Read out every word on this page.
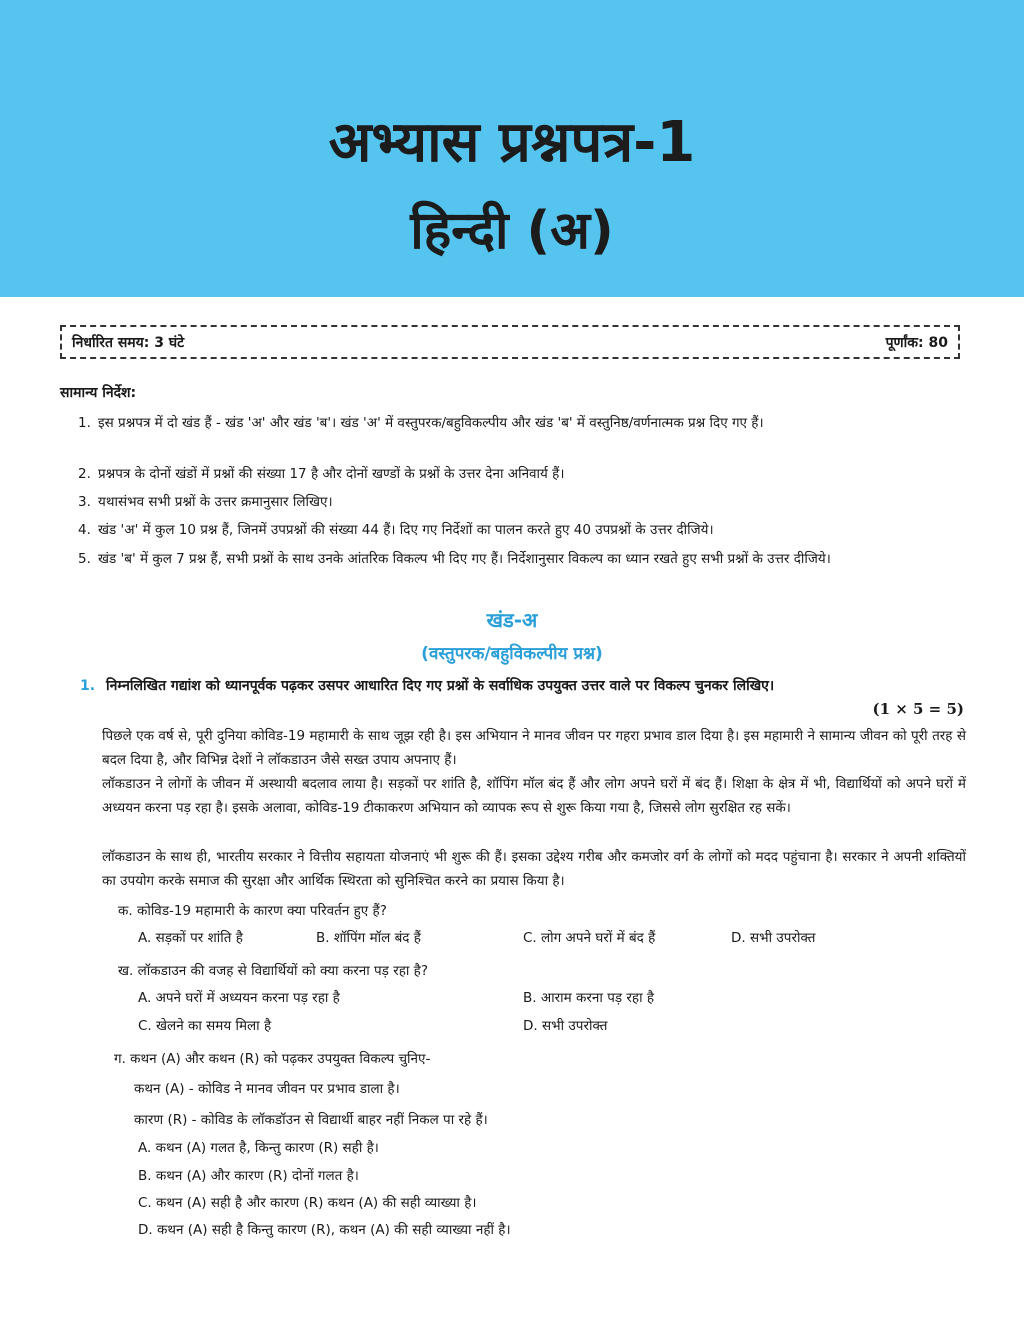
अभ्यास प्रश्नपत्र-1
हिन्दी (अ)
निर्धारित समय: 3 घंटे	पूर्णांक: 80
सामान्य निर्देश:
1. इस प्रश्नपत्र में दो खंड हैं - खंड 'अ' और खंड 'ब'। खंड 'अ' में वस्तुपरक/बहुविकल्पीय और खंड 'ब' में वस्तुनिष्ठ/वर्णनात्मक प्रश्न दिए गए हैं।
2. प्रश्नपत्र के दोनों खंडों में प्रश्नों की संख्या 17 है और दोनों खण्डों के प्रश्नों के उत्तर देना अनिवार्य हैं।
3. यथासंभव सभी प्रश्नों के उत्तर क्रमानुसार लिखिए।
4. खंड 'अ' में कुल 10 प्रश्न हैं, जिनमें उपप्रश्नों की संख्या 44 हैं। दिए गए निर्देशों का पालन करते हुए 40 उपप्रश्नों के उत्तर दीजिये।
5. खंड 'ब' में कुल 7 प्रश्न हैं, सभी प्रश्नों के साथ उनके आंतरिक विकल्प भी दिए गए हैं। निर्देशानुसार विकल्प का ध्यान रखते हुए सभी प्रश्नों के उत्तर दीजिये।
खंड-अ
(वस्तुपरक/बहुविकल्पीय प्रश्न)
1. निम्नलिखित गद्यांश को ध्यानपूर्वक पढ़कर उसपर आधारित दिए गए प्रश्नों के सर्वाधिक उपयुक्त उत्तर वाले पर विकल्प चुनकर लिखिए।
(1 × 5 = 5)
पिछले एक वर्ष से, पूरी दुनिया कोविड-19 महामारी के साथ जूझ रही है। इस अभियान ने मानव जीवन पर गहरा प्रभाव डाल दिया है। इस महामारी ने सामान्य जीवन को पूरी तरह से बदल दिया है, और विभिन्न देशों ने लॉकडाउन जैसे सख्त उपाय अपनाए हैं।
लॉकडाउन ने लोगों के जीवन में अस्थायी बदलाव लाया है। सड़कों पर शांति है, शॉपिंग मॉल बंद हैं और लोग अपने घरों में बंद हैं। शिक्षा के क्षेत्र में भी, विद्यार्थियों को अपने घरों में अध्ययन करना पड़ रहा है। इसके अलावा, कोविड-19 टीकाकरण अभियान को व्यापक रूप से शुरू किया गया है, जिससे लोग सुरक्षित रह सकें।
लॉकडाउन के साथ ही, भारतीय सरकार ने वित्तीय सहायता योजनाएं भी शुरू की हैं। इसका उद्देश्य गरीब और कमजोर वर्ग के लोगों को मदद पहुंचाना है। सरकार ने अपनी शक्तियों का उपयोग करके समाज की सुरक्षा और आर्थिक स्थिरता को सुनिश्चित करने का प्रयास किया है।
क. कोविड-19 महामारी के कारण क्या परिवर्तन हुए हैं?
A. सड़कों पर शांति है	B. शॉपिंग मॉल बंद हैं	C. लोग अपने घरों में बंद हैं	D. सभी उपरोक्त
ख. लॉकडाउन की वजह से विद्यार्थियों को क्या करना पड़ रहा है?
A. अपने घरों में अध्ययन करना पड़ रहा है	B. आराम करना पड़ रहा है
C. खेलने का समय मिला है	D. सभी उपरोक्त
ग. कथन (A) और कथन (R) को पढ़कर उपयुक्त विकल्प चुनिए-
कथन (A) - कोविड ने मानव जीवन पर प्रभाव डाला है।
कारण (R) - कोविड के लॉकडॉउन से विद्यार्थी बाहर नहीं निकल पा रहे हैं।
A. कथन (A) गलत है, किन्तु कारण (R) सही है।
B. कथन (A) और कारण (R) दोनों गलत है।
C. कथन (A) सही है और कारण (R) कथन (A) की सही व्याख्या है।
D. कथन (A) सही है किन्तु कारण (R), कथन (A) की सही व्याख्या नहीं है।
